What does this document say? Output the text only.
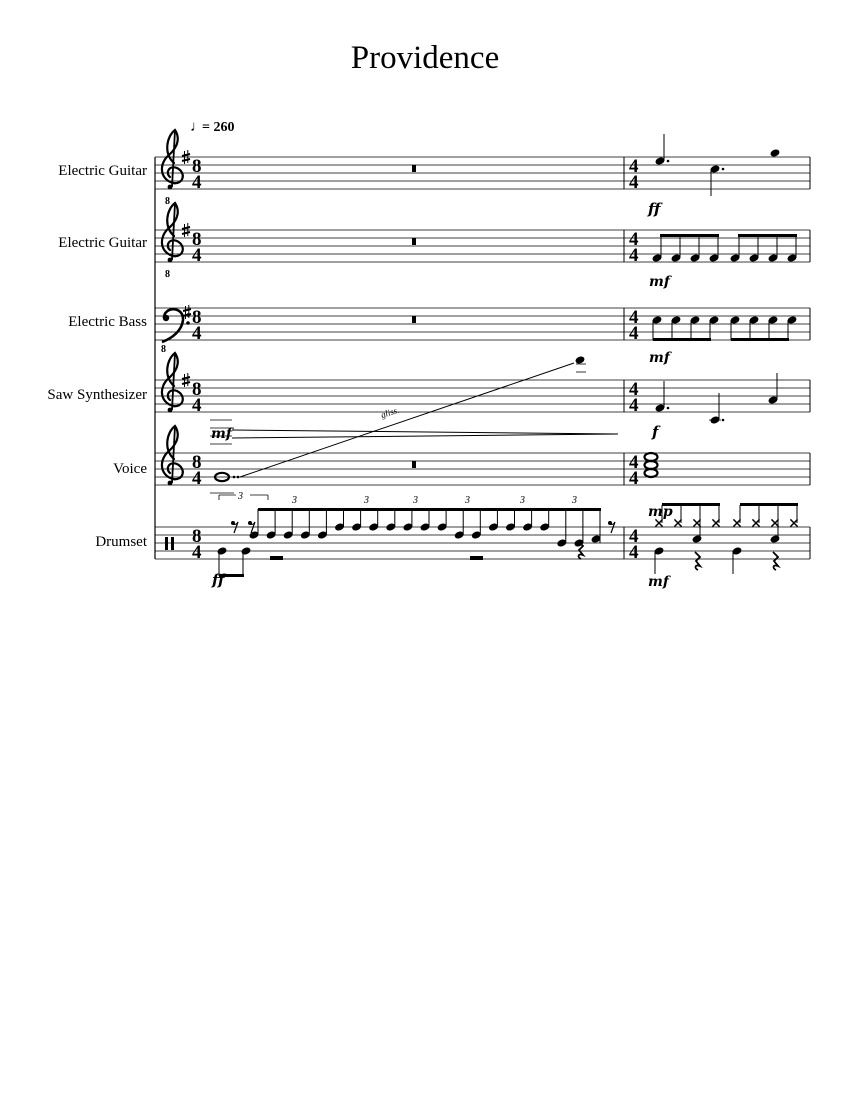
Providence
Electric Guitar
Electric Guitar
Electric Bass
Saw Synthesizer
Voice
Drumset
♩
= 260
8
8
8
8
4
8
4
8
4
8
4
8
4
8
4
4
4
4
4
4
4
4
4
4
4
4
4
ff
mf
mf
gliss.
mf	f
3
ff
3	3	3	3	3	3
mp
mf
